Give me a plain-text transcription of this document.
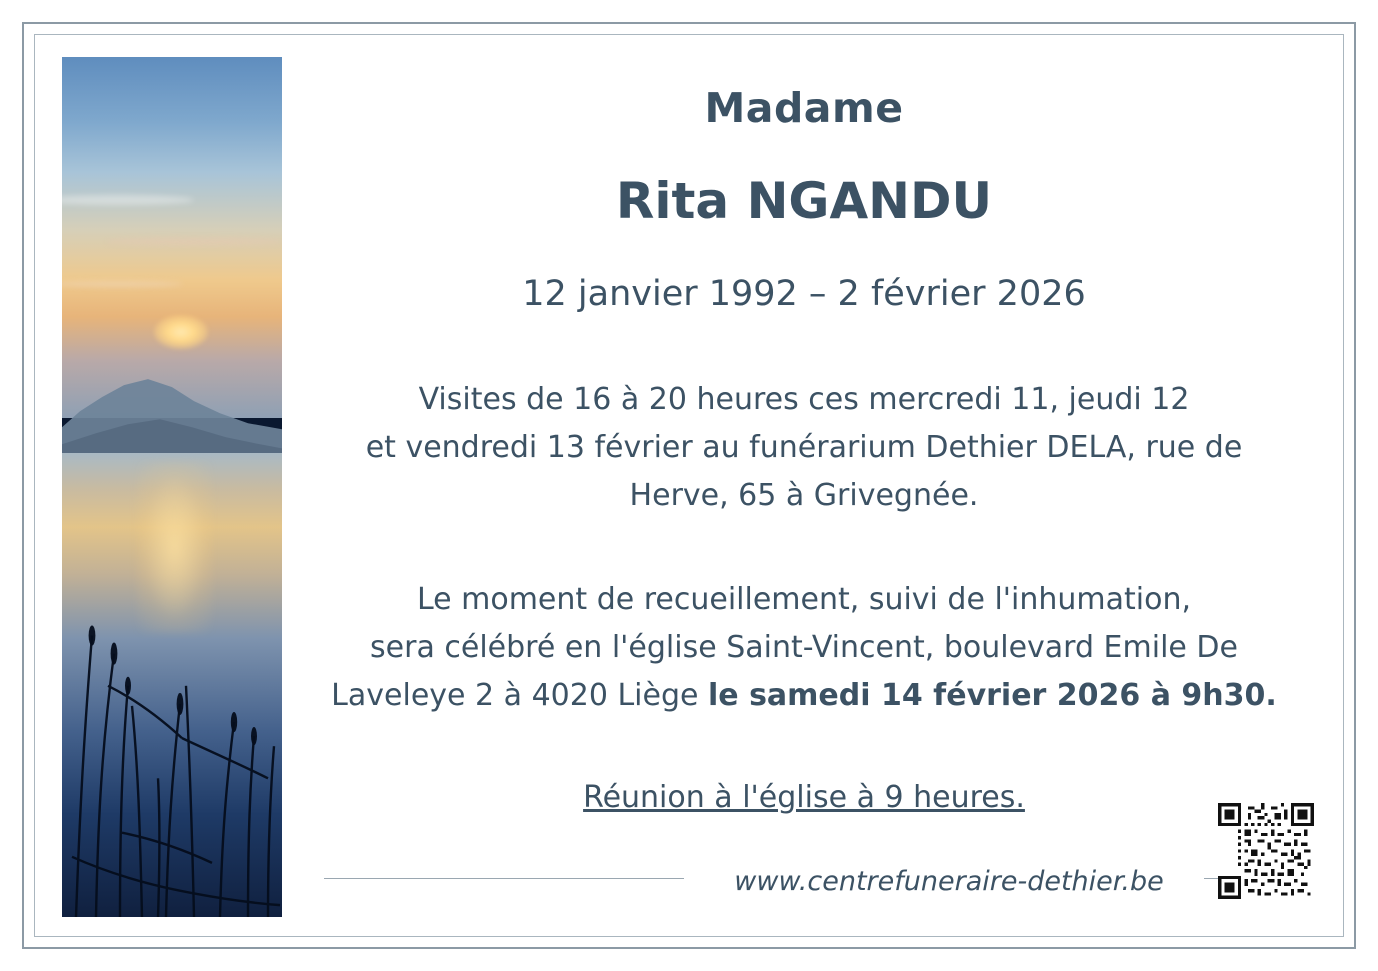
Madame
Rita NGANDU
12 janvier 1992 – 2 février 2026
Visites de 16 à 20 heures ces mercredi 11, jeudi 12
et vendredi 13 février au funérarium Dethier DELA, rue de
Herve, 65 à Grivegnée.
Le moment de recueillement, suivi de l'inhumation,
sera célébré en l'église Saint-Vincent, boulevard Emile De
Laveleye 2 à 4020 Liège le samedi 14 février 2026 à 9h30.
Réunion à l'église à 9 heures.
www.centrefuneraire-dethier.be
